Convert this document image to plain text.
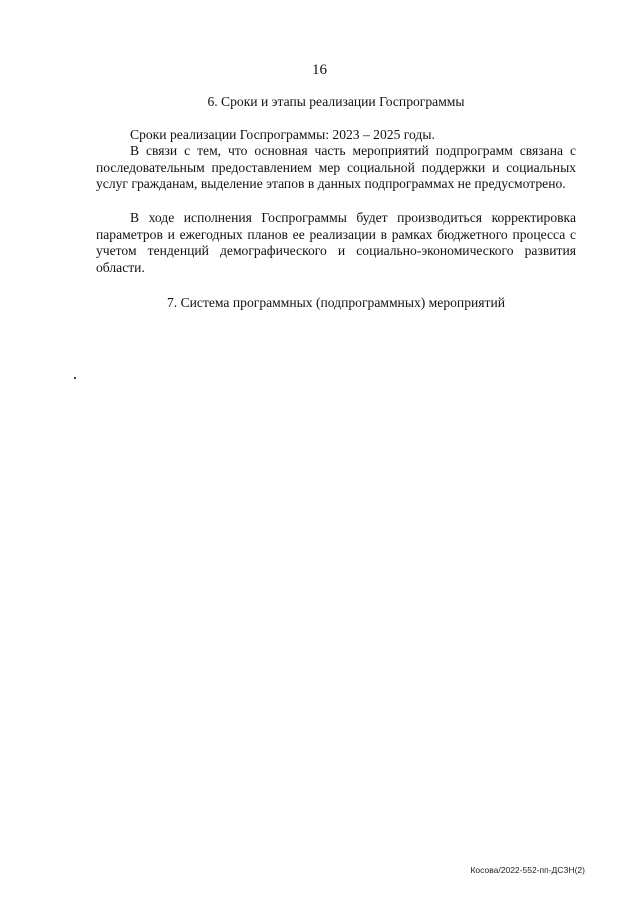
16
6. Сроки и этапы реализации Госпрограммы

Сроки реализации Госпрограммы: 2023 – 2025 годы.

В связи с тем, что основная часть мероприятий подпрограмм связана с последовательным предоставлением мер социальной поддержки и социальных услуг гражданам, выделение этапов в данных подпрограммах не предусмотрено.

В ходе исполнения Госпрограммы будет производиться корректировка параметров и ежегодных планов ее реализации в рамках бюджетного процесса с учетом тенденций демографического и социально-экономического развития области.

7. Система программных (подпрограммных) мероприятий
Косова/2022-552-пп-ДСЗН(2)
